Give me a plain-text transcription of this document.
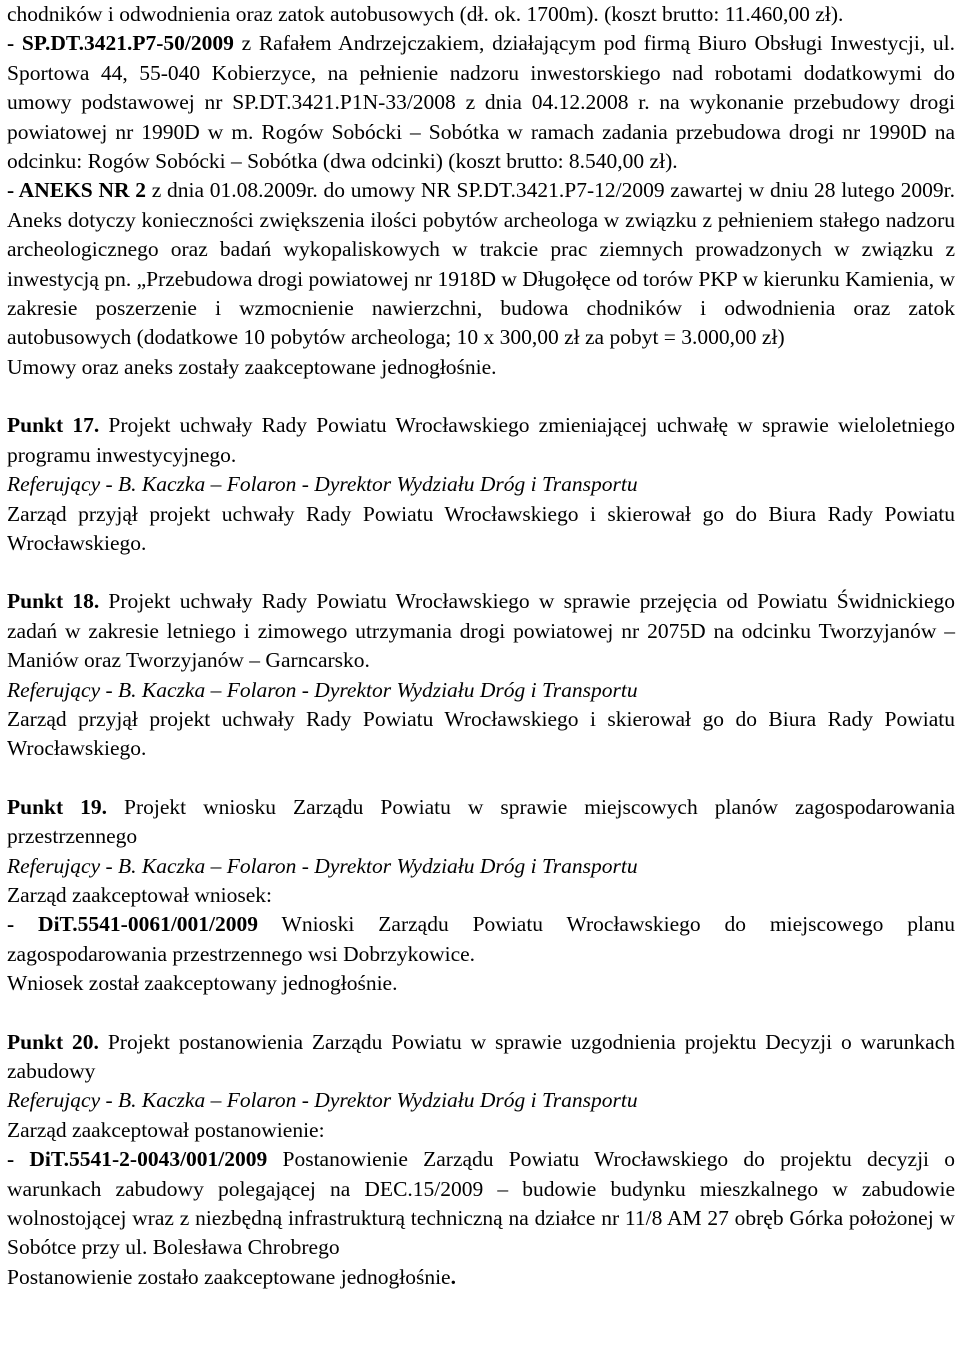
chodników i odwodnienia oraz zatok autobusowych (dł. ok. 1700m). (koszt brutto: 11.460,00 zł).

- SP.DT.3421.P7-50/2009 z Rafałem Andrzejczakiem, działającym pod firmą Biuro Obsługi Inwestycji, ul. Sportowa 44, 55-040 Kobierzyce, na pełnienie nadzoru inwestorskiego nad robotami dodatkowymi do umowy podstawowej nr SP.DT.3421.P1N-33/2008 z dnia 04.12.2008 r. na wykonanie przebudowy drogi powiatowej nr 1990D w m. Rogów Sobócki – Sobótka w ramach zadania przebudowa drogi nr 1990D na odcinku: Rogów Sobócki – Sobótka (dwa odcinki) (koszt brutto: 8.540,00 zł).

- ANEKS NR 2 z dnia 01.08.2009r. do umowy NR SP.DT.3421.P7-12/2009 zawartej w dniu 28 lutego 2009r. Aneks dotyczy konieczności zwiększenia ilości pobytów archeologa w związku z pełnieniem stałego nadzoru archeologicznego oraz badań wykopaliskowych w trakcie prac ziemnych prowadzonych w związku z inwestycją pn. „Przebudowa drogi powiatowej nr 1918D w Długołęce od torów PKP w kierunku Kamienia, w zakresie poszerzenie i wzmocnienie nawierzchni, budowa chodników i odwodnienia oraz zatok autobusowych (dodatkowe 10 pobytów archeologa; 10 x 300,00 zł za pobyt = 3.000,00 zł)

Umowy oraz aneks zostały zaakceptowane jednogłośnie.

Punkt 17. Projekt uchwały Rady Powiatu Wrocławskiego zmieniającej uchwałę w sprawie wieloletniego programu inwestycyjnego.

Referujący - B. Kaczka – Folaron - Dyrektor Wydziału Dróg i Transportu

Zarząd przyjął projekt uchwały Rady Powiatu Wrocławskiego i skierował go do Biura Rady Powiatu Wrocławskiego.

Punkt 18. Projekt uchwały Rady Powiatu Wrocławskiego w sprawie przejęcia od Powiatu Świdnickiego zadań w zakresie letniego i zimowego utrzymania drogi powiatowej nr 2075D na odcinku Tworzyjanów – Maniów oraz Tworzyjanów – Garncarsko.

Referujący - B. Kaczka – Folaron - Dyrektor Wydziału Dróg i Transportu

Zarząd przyjął projekt uchwały Rady Powiatu Wrocławskiego i skierował go do Biura Rady Powiatu Wrocławskiego.

Punkt 19. Projekt wniosku Zarządu Powiatu w sprawie miejscowych planów zagospodarowania przestrzennego

Referujący - B. Kaczka – Folaron - Dyrektor Wydziału Dróg i Transportu

Zarząd zaakceptował wniosek:

- DiT.5541-0061/001/2009 Wnioski Zarządu Powiatu Wrocławskiego do miejscowego planu zagospodarowania przestrzennego wsi Dobrzykowice.

Wniosek został zaakceptowany jednogłośnie.

Punkt 20. Projekt postanowienia Zarządu Powiatu w sprawie uzgodnienia projektu Decyzji o warunkach zabudowy

Referujący - B. Kaczka – Folaron - Dyrektor Wydziału Dróg i Transportu

Zarząd zaakceptował postanowienie:

- DiT.5541-2-0043/001/2009 Postanowienie Zarządu Powiatu Wrocławskiego do projektu decyzji o warunkach zabudowy polegającej na DEC.15/2009 – budowie budynku mieszkalnego w zabudowie wolnostojącej wraz z niezbędną infrastrukturą techniczną na działce nr 11/8 AM 27 obręb Górka położonej w Sobótce przy ul. Bolesława Chrobrego

Postanowienie zostało zaakceptowane jednogłośnie.
